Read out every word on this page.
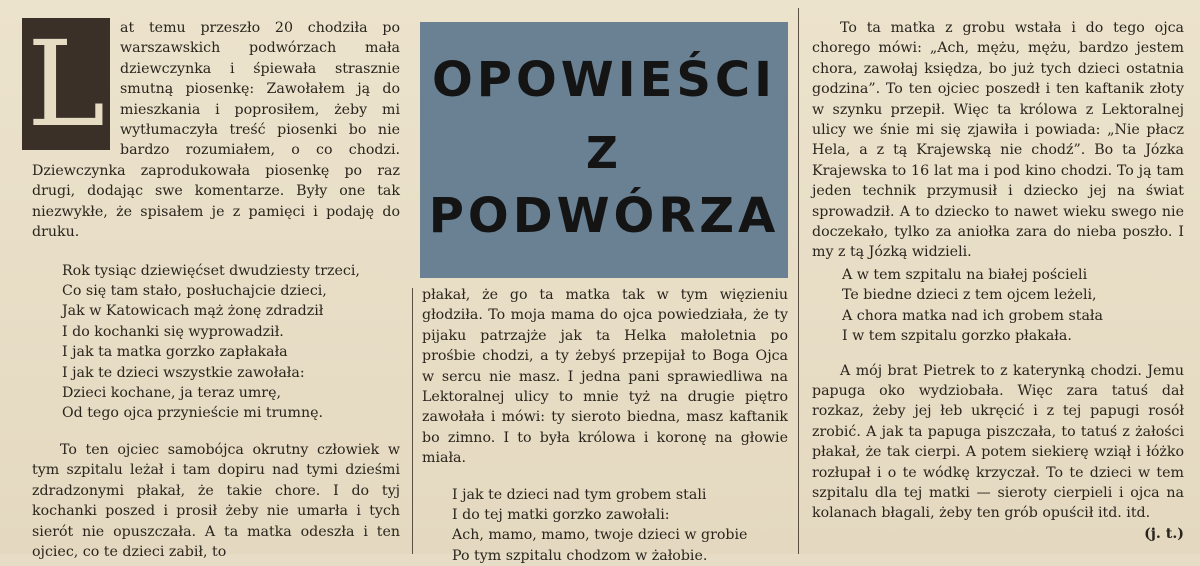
L	at temu przeszło 20 chodziła po
warszawskich podwórzach mała
dziewczynka i śpiewała strasznie
smutną piosenkę: Zawołałem ją do
mieszkania i poprosiłem, żeby mi
wytłumaczyła treść piosenki bo nie
bardzo rozumiałem, o co chodzi.

Dziewczynka zaprodukowała piosenkę po raz drugi, dodając swe komentarze. Były one tak niezwykłe, że spisałem je z pamięci i podaję do druku.

Rok tysiąc dziewięćset dwudziesty trzeci,
Co się tam stało, posłuchajcie dzieci,
Jak w Katowicach mąż żonę zdradził
I do kochanki się wyprowadził.
I jak ta matka gorzko zapłakała
I jak te dzieci wszystkie zawołała:
Dzieci kochane, ja teraz umrę,
Od tego ojca przynieście mi trumnę.

To ten ojciec samobójca okrutny człowiek w tym szpitalu leżał i tam dopiru nad tymi dzieśmi zdradzonymi płakał, że takie chore. I do tyj kochanki poszed i prosił żeby nie umarła i tych sierót nie opuszczała. A ta matka odeszła i ten ojciec, co te dzieci zabił, to

OPOWIEŚCI
Z
PODWÓRZA

płakał, że go ta matka tak w tym więzieniu głodziła. To moja mama do ojca powiedziała, że ty pijaku patrzajże jak ta Helka małoletnia po prośbie chodzi, a ty żebyś przepijał to Boga Ojca w sercu nie masz. I jedna pani sprawiedliwa na Lektoralnej ulicy to mnie tyż na drugie piętro zawołała i mówi: ty sieroto biedna, masz kaftanik bo zimno. I to była królowa i koronę na głowie miała.

I jak te dzieci nad tym grobem stali
I do tej matki gorzko zawołali:
Ach, mamo, mamo, twoje dzieci w grobie
Po tym szpitalu chodzom w żałobie.

To ta matka z grobu wstała i do tego ojca chorego mówi: „Ach, mężu, mężu, bardzo jestem chora, zawołaj księdza, bo już tych dzieci ostatnia godzina”. To ten ojciec poszedł i ten kaftanik złoty w szynku przepił. Więc ta królowa z Lektoralnej ulicy we śnie mi się zjawiła i powiada: „Nie płacz Hela, a z tą Krajewską nie chodź”. Bo ta Józka Krajewska to 16 lat ma i pod kino chodzi. To ją tam jeden technik przymusił i dziecko jej na świat sprowadził. A to dziecko to nawet wieku swego nie doczekało, tylko za aniołka zara do nieba poszło. I my z tą Józką widzieli.

A w tem szpitalu na białej pościeli
Te biedne dzieci z tem ojcem leżeli,
A chora matka nad ich grobem stała
I w tem szpitalu gorzko płakała.

A mój brat Pietrek to z katerynką chodzi. Jemu papuga oko wydziobała. Więc zara tatuś dał rozkaz, żeby jej łeb ukręcić i z tej papugi rosół zrobić. A jak ta papuga piszczała, to tatuś z żałości płakał, że tak cierpi. A potem siekierę wziął i łóżko rozłupał i o te wódkę krzyczał. To te dzieci w tem szpitalu dla tej matki — sieroty cierpieli i ojca na kolanach błagali, żeby ten grób opuścił itd. itd.
(j. t.)
